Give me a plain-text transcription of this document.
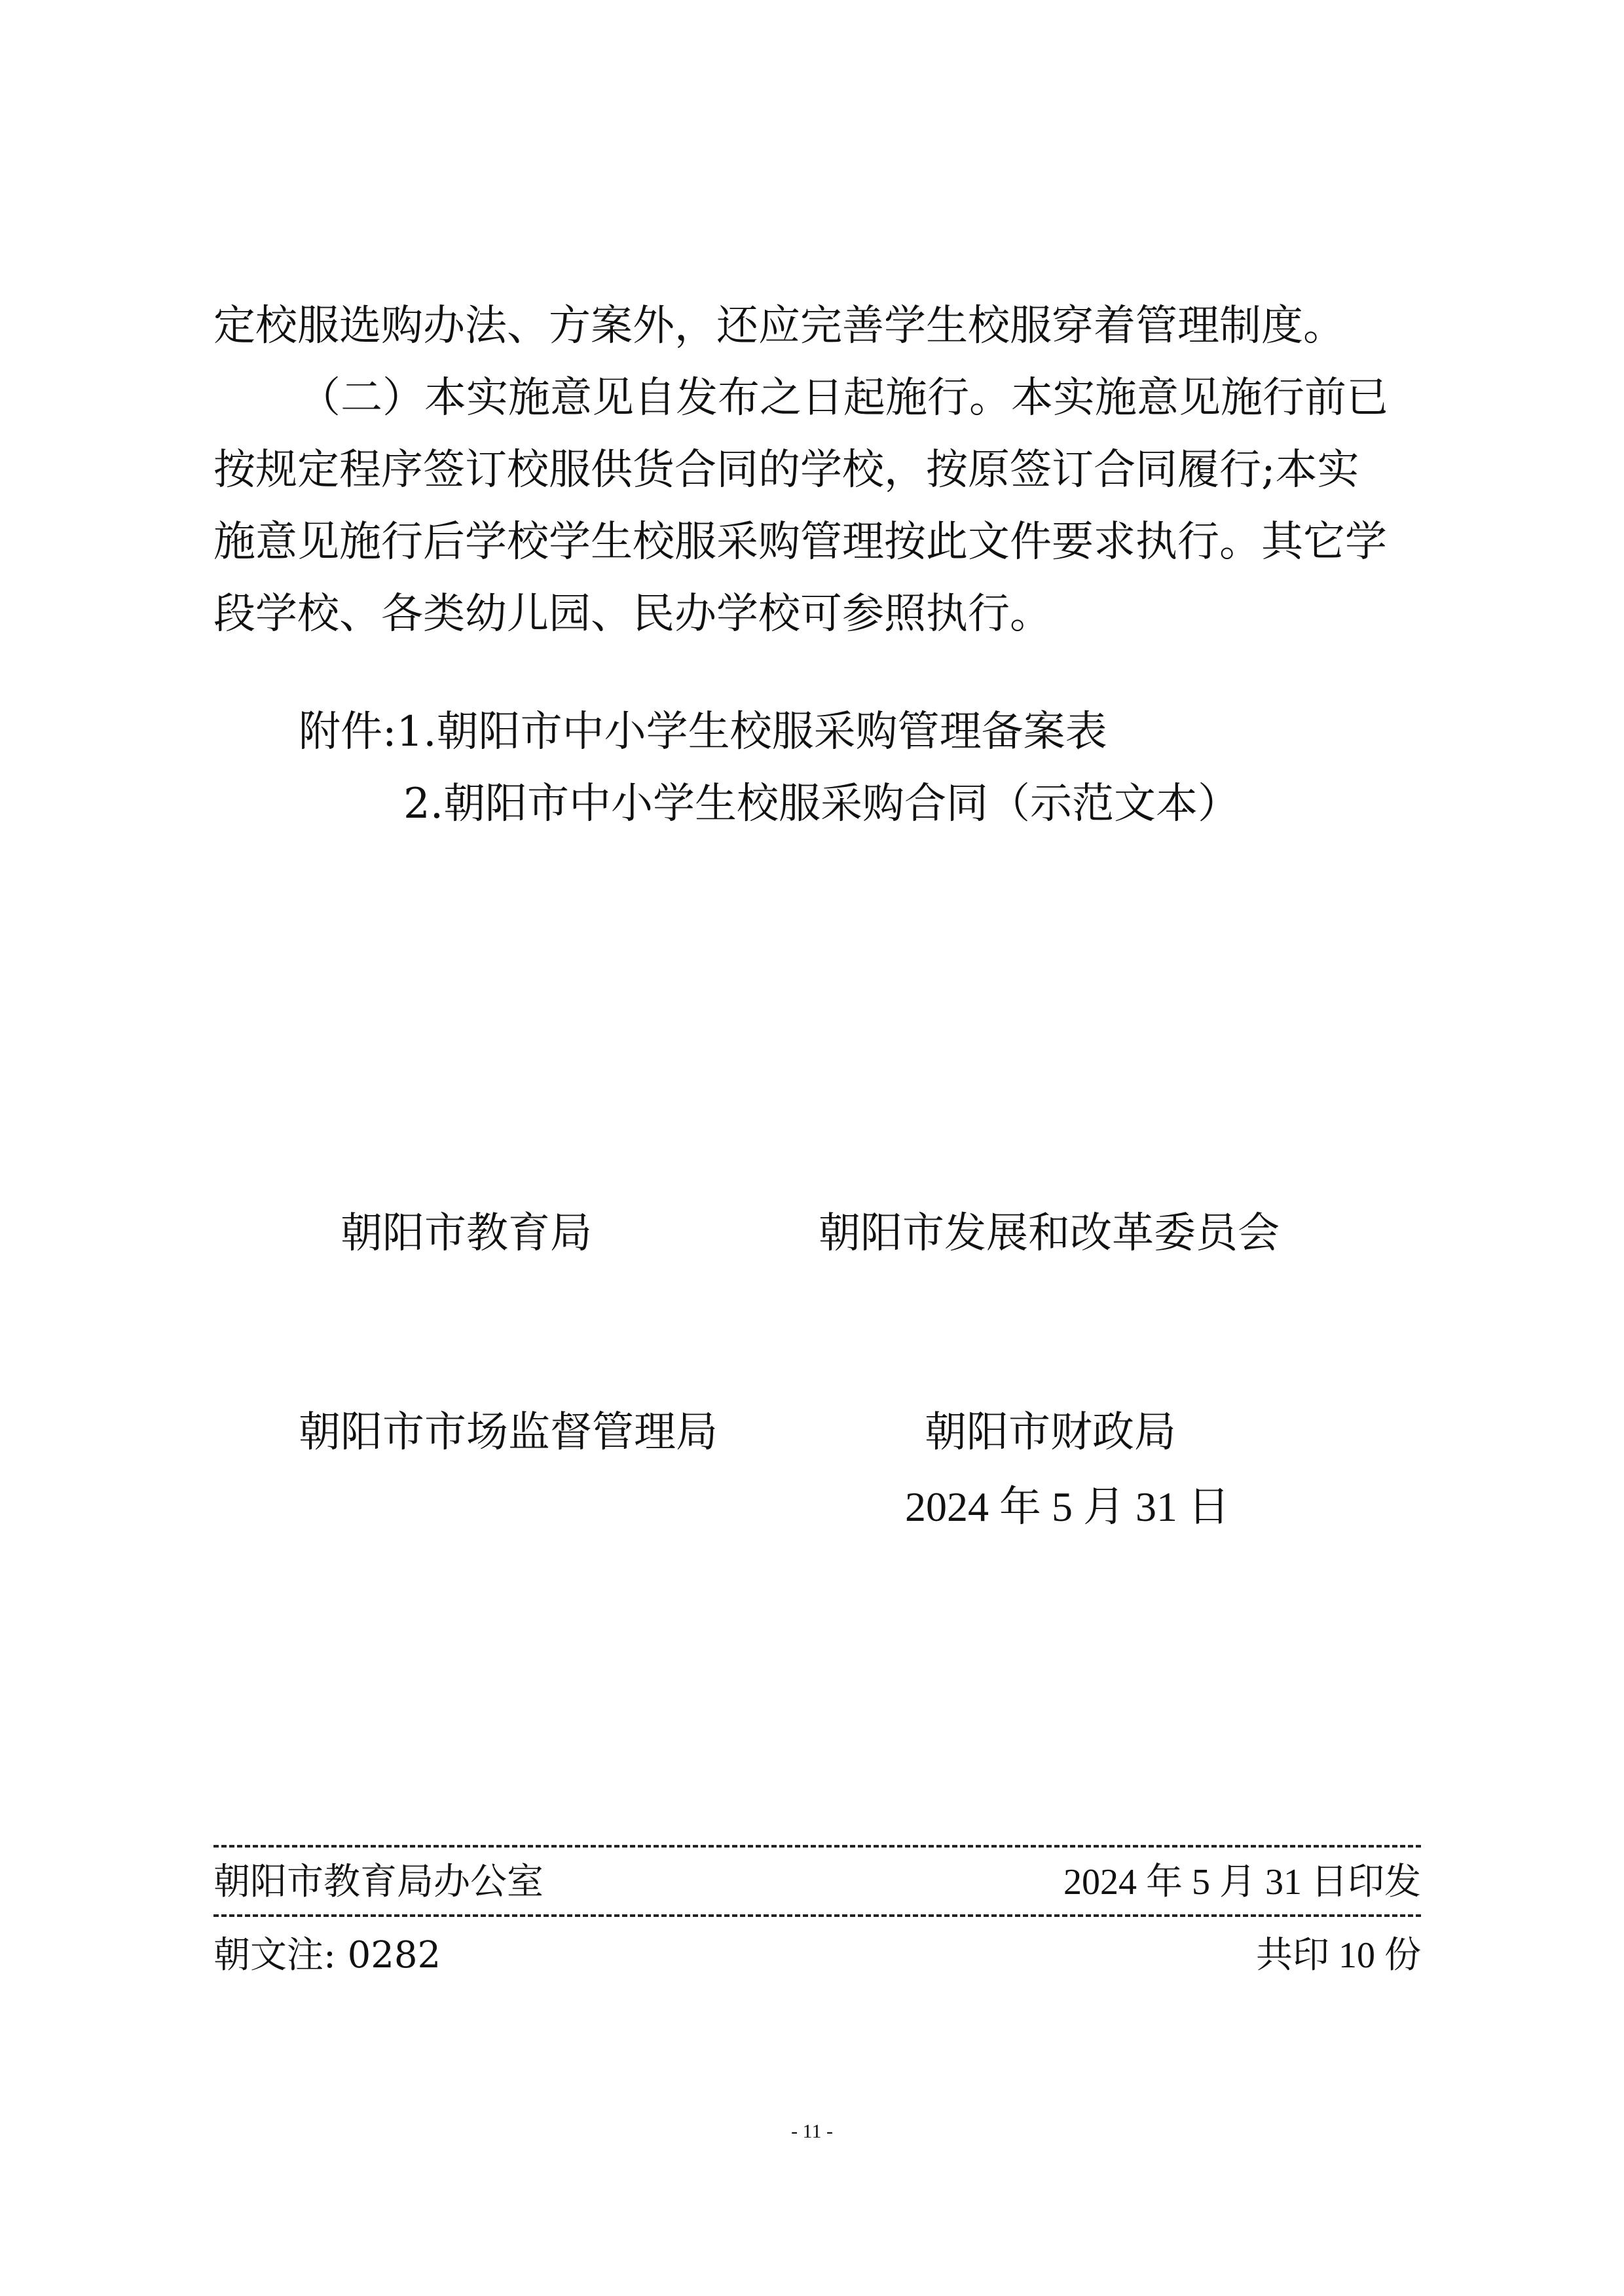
定校服选购办法、方案外，还应完善学生校服穿着管理制度。
（二）本实施意见自发布之日起施行。本实施意见施行前已
按规定程序签订校服供货合同的学校，按原签订合同履行;本实
施意见施行后学校学生校服采购管理按此文件要求执行。其它学
段学校、各类幼儿园、民办学校可参照执行。
附件:1.朝阳市中小学生校服采购管理备案表
2.朝阳市中小学生校服采购合同（示范文本）
朝阳市教育局	朝阳市发展和改革委员会
朝阳市市场监督管理局	朝阳市财政局
2024 年 5 月 31 日
朝阳市教育局办公室	2024 年 5 月 31 日印发
朝文注: 0282	共印 10 份
- 11 -
